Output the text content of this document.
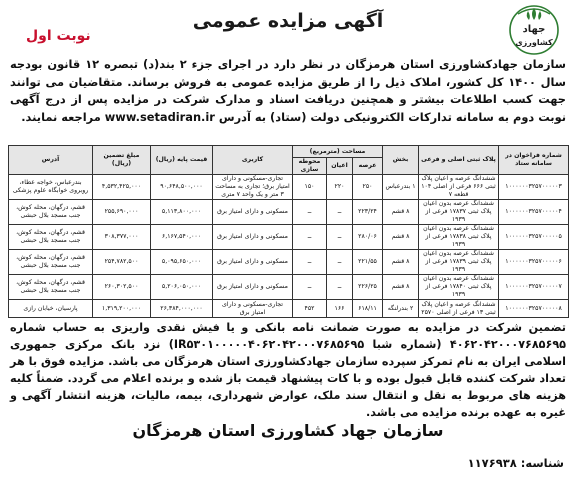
جهاد
کشاورزی
آگهی مزایده عمومی
نوبت اول
سازمان جهادکشاورزی استان هرمزگان در نظر دارد در اجرای جزء ۲ بند(د) تبصره ۱۲ قانون بودجه سال ۱۴۰۰ کل کشور، املاک ذیل را از طریق مزایده عمومی به فروش برساند. متقاضیان می توانند جهت کسب اطلاعات بیشتر و همچنین دریافت اسناد و مدارک شرکت در مزایده پس از درج آگهی نوبت دوم به سامانه تدارکات الکترونیکی دولت (ستاد) به آدرس www.setadiran.ir مراجعه نمایند.
شماره فراخوان در سامانه ستاد	پلاک ثبتی اصلی و فرعی	بخش	مساحت (مترمربع)			کاربری	قیمت پایه (ریال)	مبلغ تضمین (ریال)	آدرس
			عرصه	اعیان	محوطه سازی				
۱۰۰۰۰۰۰۳۲۵۷۰۰۰۰۰۳	ششدانگ عرصه و اعیان پلاک ثبتی ۶۶۶ فرعی از اصلی ۱۰۴ قطعه ۷	۱ بندرعباس	۲۵۰	۲۲۰	۱۵۰	تجاری-مسکونی و دارای امتیاز برق؛ تجاری به مساحت ۳ متر و یک واحد ۷ متری	۹۰,۶۴۸,۵۰۰,۰۰۰	۴,۵۳۲,۴۲۵,۰۰۰	بندرعباس، خواجه عطاء، روبروی خوابگاه علوم پزشکی
۱۰۰۰۰۰۰۳۲۵۷۰۰۰۰۰۴	ششدانگ عرصه بدون اعیان پلاک ثبتی ۱۷۸۳۷ فرعی از ۱۹۳۹	۸ قشم	۲۲۳/۲۴	ــ	ــ	مسکونی و دارای امتیاز برق	۵,۱۱۳,۸۰۰,۰۰۰	۲۵۵,۶۹۰,۰۰۰	قشم، درگهان، محله کوش، جنب مسجد بلال حبشی
۱۰۰۰۰۰۰۳۲۵۷۰۰۰۰۰۵	ششدانگ عرصه بدون اعیان پلاک ثبتی ۱۷۸۳۸ فرعی از ۱۹۳۹	۸ قشم	۲۸۰/۰۶	ــ	ــ	مسکونی و دارای امتیاز برق	۶,۱۶۷,۵۴۰,۰۰۰	۳۰۸,۳۷۷,۰۰۰	قشم، درگهان، محله کوش، جنب مسجد بلال حبشی
۱۰۰۰۰۰۰۳۲۵۷۰۰۰۰۰۶	ششدانگ عرصه بدون اعیان پلاک ثبتی ۱۷۸۳۹ فرعی از ۱۹۳۹	۸ قشم	۲۲۱/۵۵	ــ	ــ	مسکونی و دارای امتیاز برق	۵,۰۹۵,۶۵۰,۰۰۰	۲۵۴,۷۸۲,۵۰۰	قشم، درگهان، محله کوش، جنب مسجد بلال حبشی
۱۰۰۰۰۰۰۳۲۵۷۰۰۰۰۰۷	ششدانگ عرصه بدون اعیان پلاک ثبتی ۱۷۸۴۰ فرعی از ۱۹۳۹	۸ قشم	۲۲۶/۲۵	ــ	ــ	مسکونی و دارای امتیاز برق	۵,۲۰۶,۰۵۰,۰۰۰	۲۶۰,۳۰۲,۵۰۰	قشم، درگهان، محله کوش، جنب مسجد بلال حبشی
۱۰۰۰۰۰۰۳۲۵۷۰۰۰۰۰۸	ششدانگ عرصه و اعیان پلاک ثبتی ۱۳ فرعی از اصلی ۲۵۷۰	۲ بندرلنگه	۶۱۸/۱۱	۱۶۶	۴۵۲	تجاری-مسکونی و دارای امتیاز برق	۲۶,۳۸۴,۰۰۰,۰۰۰	۱,۳۱۹,۲۰۰,۰۰۰	پارسیان، خیابان رازی
تضمین شرکت در مزایده به صورت ضمانت نامه بانکی و یا فیش نقدی واریزی به حساب شماره ۴۰۶۲۰۴۲۰۰۰۷۶۸۵۶۹۵ (شماره شبا IR۵۳۰۱۰۰۰۰۰۴۰۶۲۰۴۲۰۰۰۷۶۸۵۶۹۵) نزد بانک مرکزی جمهوری اسلامی ایران به نام تمرکز سپرده سازمان جهادکشاورزی استان هرمزگان می باشد. مزایده فوق با هر تعداد شرکت کننده قابل قبول بوده و با کات پیشنهاد قیمت باز شده و برنده اعلام می گردد. ضمناً کلیه هزینه های مربوط به نقل و انتقال سند ملک، عوارض شهرداری، بیمه، مالیات، هزینه انتشار آگهی و غیره به عهده برنده مزایده می باشد.
سازمان جهاد کشاورزی استان هرمزگان
شناسه: ۱۱۷۶۹۳۸
